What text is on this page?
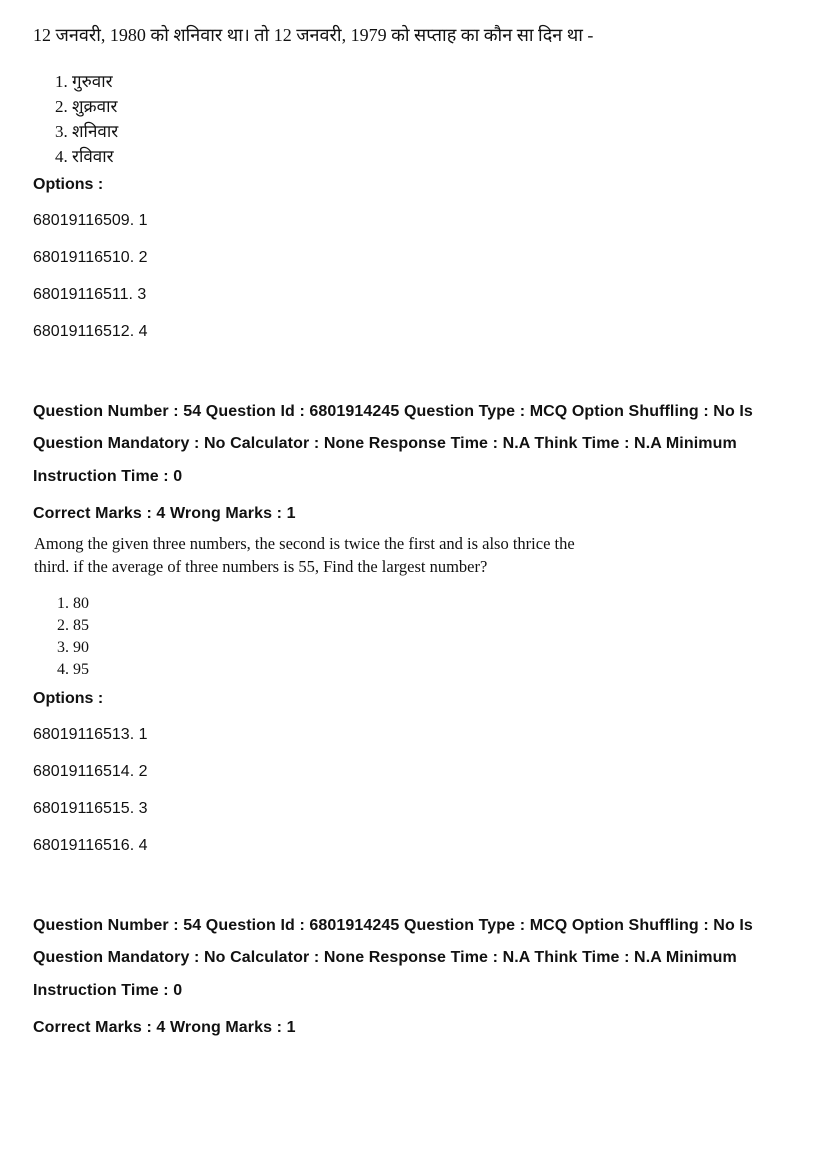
12 जनवरी, 1980 को शनिवार था। तो 12 जनवरी, 1979 को सप्ताह का कौन सा दिन था -
1. गुरुवार
2. शुक्रवार
3. शनिवार
4. रविवार
Options :
68019116509. 1
68019116510. 2
68019116511. 3
68019116512. 4
Question Number : 54 Question Id : 6801914245 Question Type : MCQ Option Shuffling : No Is
Question Mandatory : No Calculator : None Response Time : N.A Think Time : N.A Minimum
Instruction Time : 0
Correct Marks : 4 Wrong Marks : 1
Among the given three numbers, the second is twice the first and is also thrice the
third. if the average of three numbers is 55, Find the largest number?
1. 80
2. 85
3. 90
4. 95
Options :
68019116513. 1
68019116514. 2
68019116515. 3
68019116516. 4
Question Number : 54 Question Id : 6801914245 Question Type : MCQ Option Shuffling : No Is
Question Mandatory : No Calculator : None Response Time : N.A Think Time : N.A Minimum
Instruction Time : 0
Correct Marks : 4 Wrong Marks : 1
